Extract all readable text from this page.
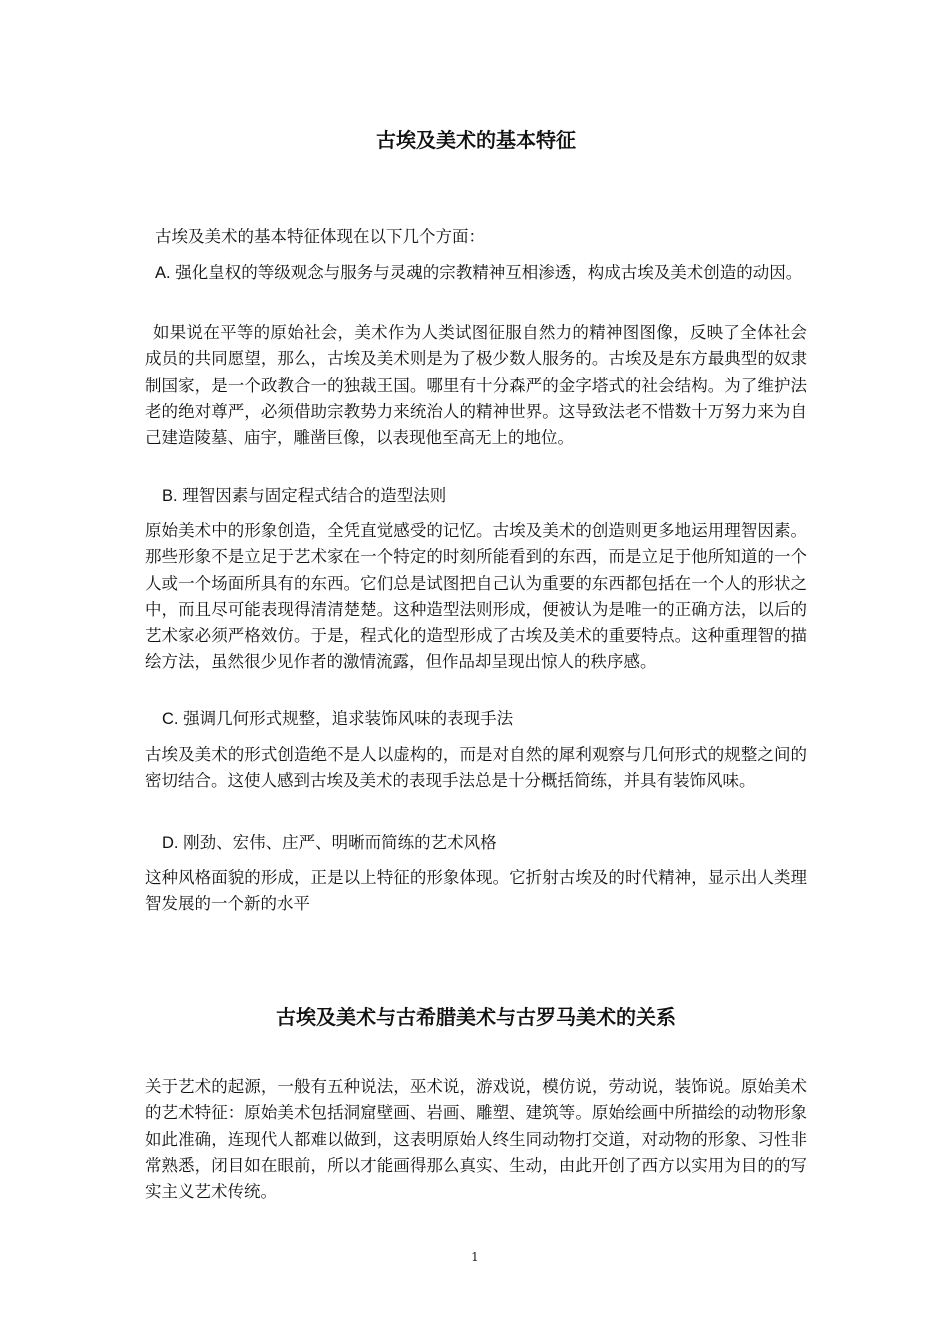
古埃及美术的基本特征

古埃及美术的基本特征体现在以下几个方面：

A. 强化皇权的等级观念与服务与灵魂的宗教精神互相渗透，构成古埃及美术创造的动因。

如果说在平等的原始社会，美术作为人类试图征服自然力的精神图图像，反映了全体社会成员的共同愿望，那么，古埃及美术则是为了极少数人服务的。古埃及是东方最典型的奴隶制国家，是一个政教合一的独裁王国。哪里有十分森严的金字塔式的社会结构。为了维护法老的绝对尊严，必须借助宗教势力来统治人的精神世界。这导致法老不惜数十万努力来为自己建造陵墓、庙宇，雕凿巨像，以表现他至高无上的地位。

B. 理智因素与固定程式结合的造型法则

原始美术中的形象创造，全凭直觉感受的记忆。古埃及美术的创造则更多地运用理智因素。那些形象不是立足于艺术家在一个特定的时刻所能看到的东西，而是立足于他所知道的一个人或一个场面所具有的东西。它们总是试图把自己认为重要的东西都包括在一个人的形状之中，而且尽可能表现得清清楚楚。这种造型法则形成，便被认为是唯一的正确方法，以后的艺术家必须严格效仿。于是，程式化的造型形成了古埃及美术的重要特点。这种重理智的描绘方法，虽然很少见作者的激情流露，但作品却呈现出惊人的秩序感。

C. 强调几何形式规整，追求装饰风味的表现手法

古埃及美术的形式创造绝不是人以虚构的，而是对自然的犀利观察与几何形式的规整之间的密切结合。这使人感到古埃及美术的表现手法总是十分概括简练，并具有装饰风味。

D. 刚劲、宏伟、庄严、明晰而简练的艺术风格

这种风格面貌的形成，正是以上特征的形象体现。它折射古埃及的时代精神，显示出人类理智发展的一个新的水平

古埃及美术与古希腊美术与古罗马美术的关系

关于艺术的起源，一般有五种说法，巫术说，游戏说，模仿说，劳动说，装饰说。原始美术的艺术特征：原始美术包括洞窟壁画、岩画、雕塑、建筑等。原始绘画中所描绘的动物形象如此准确，连现代人都难以做到，这表明原始人终生同动物打交道，对动物的形象、习性非常熟悉，闭目如在眼前，所以才能画得那么真实、生动，由此开创了西方以实用为目的的写实主义艺术传统。

1
